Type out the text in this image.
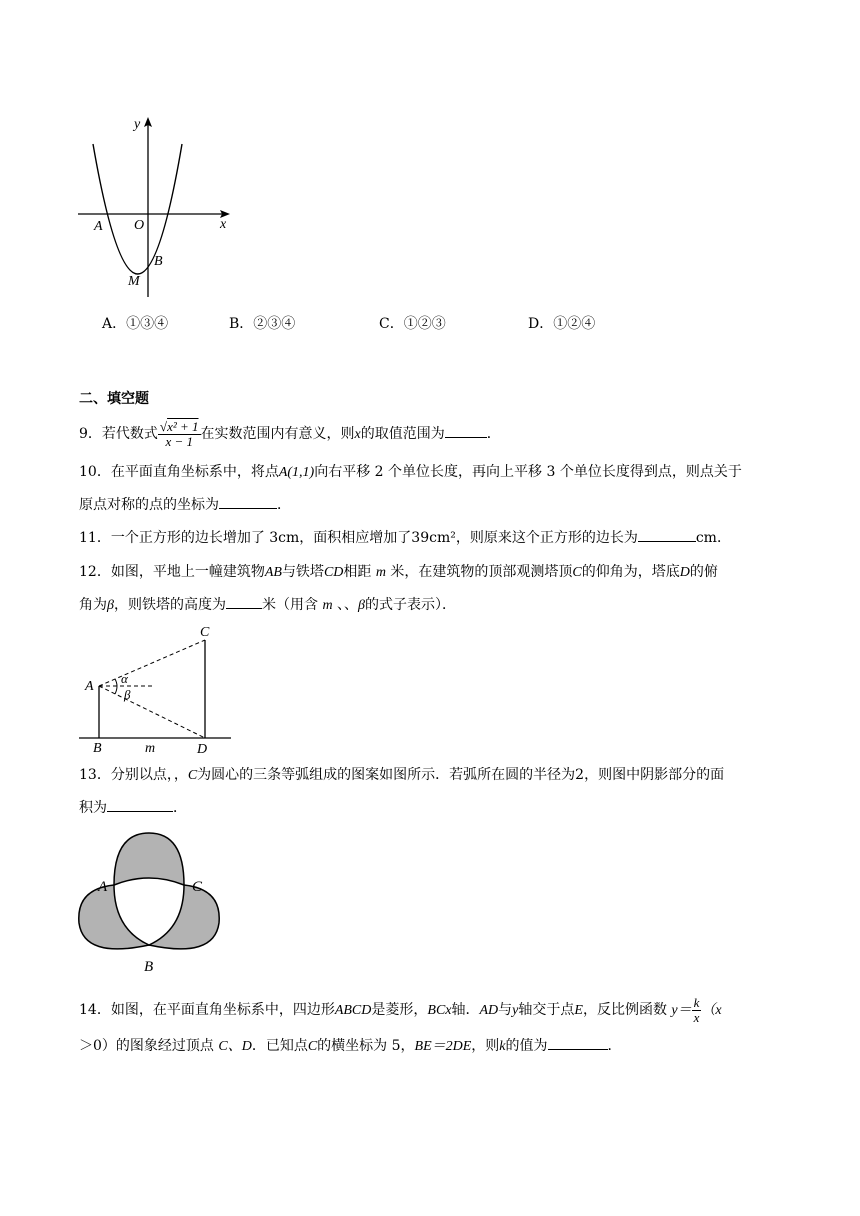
y
x
A O
B
M
A．①③④	B．②③④	C．①②③	D．①②④
二、填空题
9．若代数式 $\frac{\text{√x² + 1}}{x - 1}$ 在实数范围内有意义，则x的取值范围为	．
10．在平面直角坐标系中，将点A(1,1)向右平移 2 个单位长度，再向上平移 3 个单位长度得到点，则点关于
原点对称的点的坐标为	．
11．一个正方形的边长增加了 3cm，面积相应增加了39cm²，则原来这个正方形的边长为	cm．
12．如图，平地上一幢建筑物AB与铁塔CD相距 m 米，在建筑物的顶部观测塔顶C的仰角为，塔底D的俯
角为β，则铁塔的高度为	米（用含 m 、、β的式子表示）．
A
B
C
D
m
α
β
13．分别以点，，C为圆心的三条等弧组成的图案如图所示．若弧所在圆的半径为2，则图中阴影部分的面
积为	．
A	C
B
14．如图，在平面直角坐标系中，四边形ABCD是菱形，BCx轴．AD与y轴交于点E，反比例函数 $y= \frac{k}{x} (x$
＞0）的图象经过顶点 C、D．已知点C的横坐标为 5，BE＝2DE，则k的值为	．
